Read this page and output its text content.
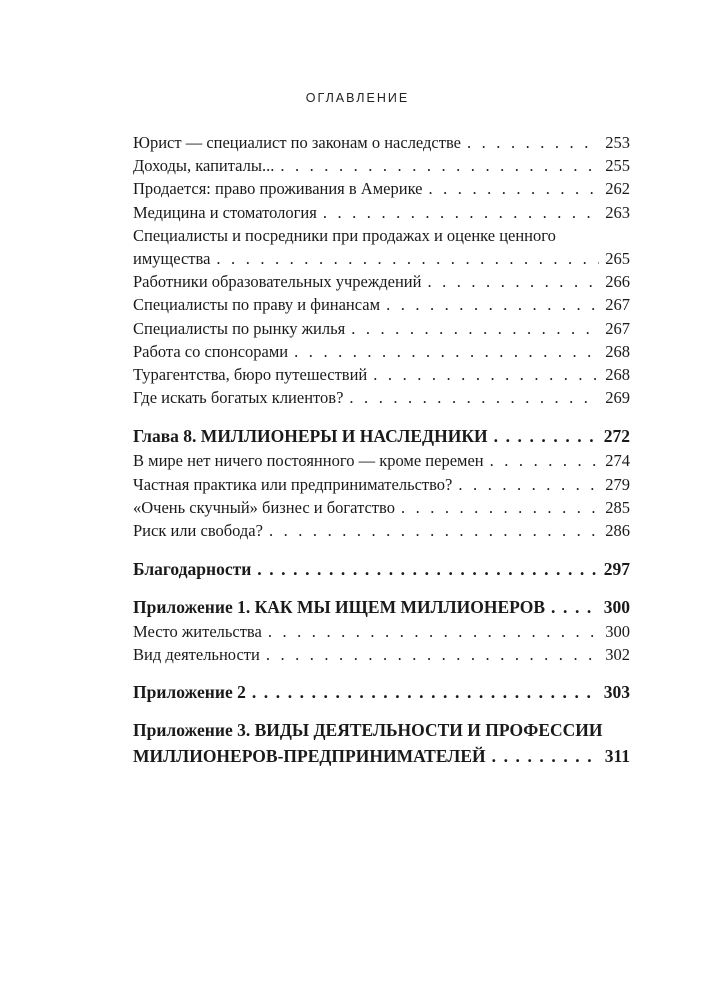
ОГЛАВЛЕНИЕ
Юрист — специалист по законам о наследстве . . .	253
Доходы, капиталы... . . .	255
Продается: право проживания в Америке . . .	262
Медицина и стоматология . . .	263
Специалисты и посредники при продажах и оценке ценного
имущества . . .	265
Работники образовательных учреждений . . .	266
Специалисты по праву и финансам . . .	267
Специалисты по рынку жилья . . .	267
Работа со спонсорами . . .	268
Турагентства, бюро путешествий . . .	268
Где искать богатых клиентов? . . .	269
Глава 8. МИЛЛИОНЕРЫ И НАСЛЕДНИКИ . . .	272
В мире нет ничего постоянного — кроме перемен . . .	274
Частная практика или предпринимательство? . . .	279
«Очень скучный» бизнес и богатство . . .	285
Риск или свобода? . . .	286
Благодарности . . .	297
Приложение 1. КАК МЫ ИЩЕМ МИЛЛИОНЕРОВ . . .	300
Место жительства . . .	300
Вид деятельности . . .	302
Приложение 2 . . .	303
Приложение 3. ВИДЫ ДЕЯТЕЛЬНОСТИ И ПРОФЕССИИ
МИЛЛИОНЕРОВ-ПРЕДПРИНИМАТЕЛЕЙ . . .	311
